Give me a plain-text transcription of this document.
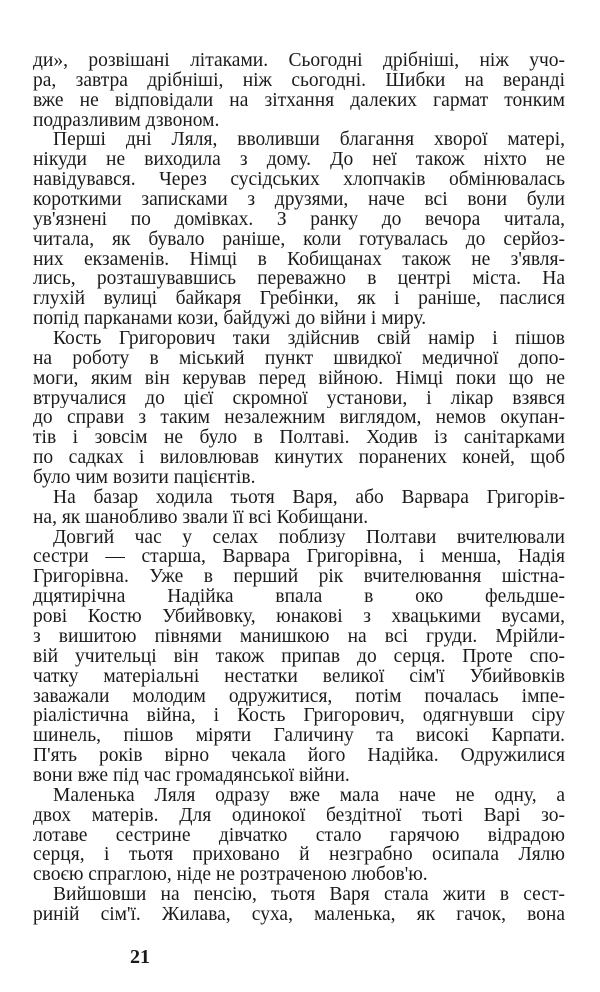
ди», розвішані літаками. Сьогодні дрібніші, ніж учо-
ра, завтра дрібніші, ніж сьогодні. Шибки на веранді
вже не відповідали на зітхання далеких гармат тонким
подразливим дзвоном.
Перші дні Ляля, вволивши благання хворої матері,
нікуди не виходила з дому. До неї також ніхто не
навідувався. Через сусідських хлопчаків обмінювалась
короткими записками з друзями, наче всі вони були
ув'язнені по домівках. З ранку до вечора читала,
читала, як бувало раніше, коли готувалась до серйоз-
них екзаменів. Німці в Кобищанах також не з'явля-
лись, розташувавшись переважно в центрі міста. На
глухій вулиці байкаря Гребінки, як і раніше, паслися
попід парканами кози, байдужі до війни і миру.
Кость Григорович таки здійснив свій намір і пішов
на роботу в міський пункт швидкої медичної допо-
моги, яким він керував перед війною. Німці поки що не
втручалися до цієї скромної установи, і лікар взявся
до справи з таким незалежним виглядом, немов окупан-
тів і зовсім не було в Полтаві. Ходив із санітарками
по садках і виловлював кинутих поранених коней, щоб
було чим возити пацієнтів.
На базар ходила тьотя Варя, або Варвара Григорів-
на, як шанобливо звали її всі Кобищани.
Довгий час у селах поблизу Полтави вчителювали
сестри — старша, Варвара Григорівна, і менша, Надія
Григорівна. Уже в перший рік вчителювання шістна-
дцятирічна Надійка впала в око фельдше-
рові Костю Убийвовку, юнакові з хвацькими вусами,
з вишитою півнями манишкою на всі груди. Мрійли-
вій учительці він також припав до серця. Проте спо-
чатку матеріальні нестатки великої сім'ї Убийвовків
заважали молодим одружитися, потім почалась імпе-
ріалістична війна, і Кость Григорович, одягнувши сіру
шинель, пішов міряти Галичину та високі Карпати.
П'ять років вірно чекала його Надійка. Одружилися
вони вже під час громадянської війни.
Маленька Ляля одразу вже мала наче не одну, а
двох матерів. Для одинокої бездітної тьоті Варі зо-
лотаве сестрине дівчатко стало гарячою відрадою
серця, і тьотя приховано й незграбно осипала Лялю
своєю спраглою, ніде не розтраченою любов'ю.
Вийшовши на пенсію, тьотя Варя стала жити в сест-
риній сім'ї. Жилава, суха, маленька, як гачок, вона
21
